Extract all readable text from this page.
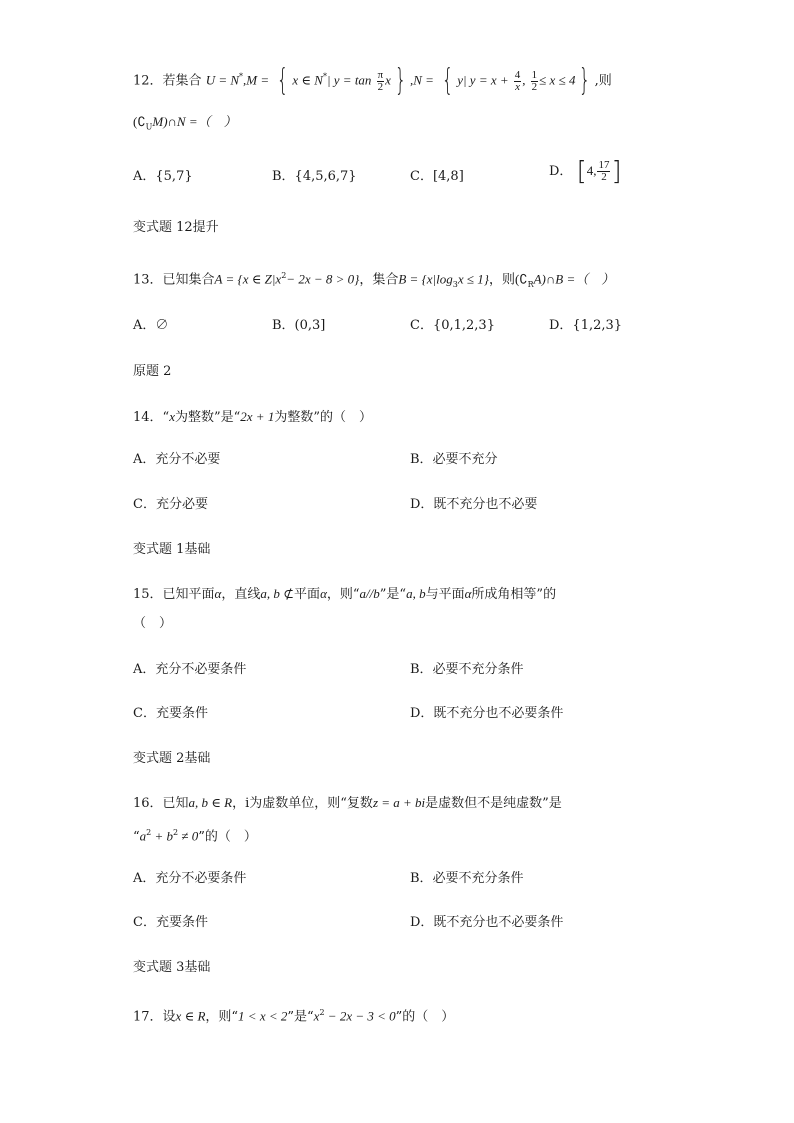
12．若集合 U = N*,M = { x ∈ N*| $y = \tan \frac{\pi}{2}$ x } ,N = { y| $y = x + \frac{4}{x}$ , $\frac{1}{2} \le x \le 4$ } ,则
$(∁_UM)\cap N$ =（　）
A．{5,7}	B．{4,5,6,7}	C．[4,8]	D． [4, $\frac{17}{2}$ ]
变式题 12提升
13．已知集合A = {x ∈ $Z|x^2- 2x - 8 > 0$}，集合$B = \{x|\log_3x \le 1\}$，则$(∁_RA)\cap B$ =（　）
A．∅	B．(0,3]	C．{0,1,2,3}	D．{1,2,3}
原题 2
14．“x为整数”是“2x + 1为整数”的（　）
A．充分不必要	B．必要不充分
C．充分必要	D．既不充分也不必要
变式题 1基础
15．已知平面α，直线a, b ⊄平面α，则“a//b”是“a, b与平面α所成角相等”的
（　）
A．充分不必要条件	B．必要不充分条件
C．充要条件	D．既不充分也不必要条件
变式题 2基础
16．已知a, b ∈ R，i为虚数单位，则“复数z = a + bi是虚数但不是纯虚数”是
“$a^2 + b^2 \ne 0$”的（　）
A．充分不必要条件	B．必要不充分条件
C．充要条件	D．既不充分也不必要条件
变式题 3基础
17．设x ∈ R，则“1 < x < 2”是“$x^2 - 2x - 3 < 0$”的（　）
